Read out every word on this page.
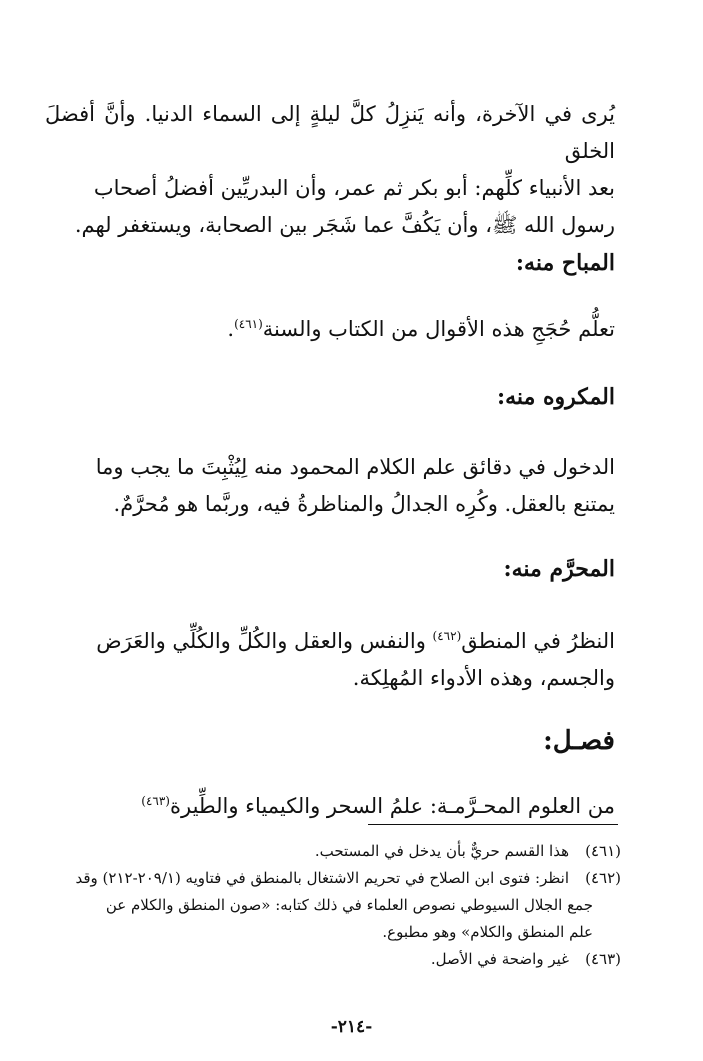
يُرى في الآخرة، وأنه يَنزِلُ كلَّ ليلةٍ إلى السماء الدنيا. وأنَّ أفضلَ الخلق

بعد الأنبياء كلِّهم: أبو بكر ثم عمر، وأن البدريِّين أفضلُ أصحاب

رسول الله ﷺ، وأن يَكُفَّ عما شَجَر بين الصحابة، ويستغفر لهم.

المباح منه:

تعلُّم حُجَجِ هذه الأقوال من الكتاب والسنة$^{(٤٦١)}$.

المكروه منه:

الدخول في دقائق علم الكلام المحمود منه لِيُثْبِتَ ما يجب وما

يمتنع بالعقل. وكُرِه الجدالُ والمناظرةُ فيه، وربَّما هو مُحرَّمٌ.

المحرَّم منه:

النظرُ في المنطق$^{(٤٦٢)}$ والنفس والعقل والكُلِّ والكُلِّي والعَرَض

والجسم، وهذه الأدواء المُهلِكة.

فصـل:

من العلوم المحـرَّمـة: علمُ السحر والكيمياء والطِّيرة$^{(٤٦٣)}$

(٤٦١)هذا القسم حريٌّ بأن يدخل في المستحب.

(٤٦٢)انظر: فتوى ابن الصلاح في تحريم الاشتغال بالمنطق في فتاويه (٢٠٩/١-٢١٢) وقد

جمع الجلال السيوطي نصوص العلماء في ذلك كتابه: «صون المنطق والكلام عن

علم المنطق والكلام» وهو مطبوع.

(٤٦٣)غير واضحة في الأصل.

-٢١٤-
